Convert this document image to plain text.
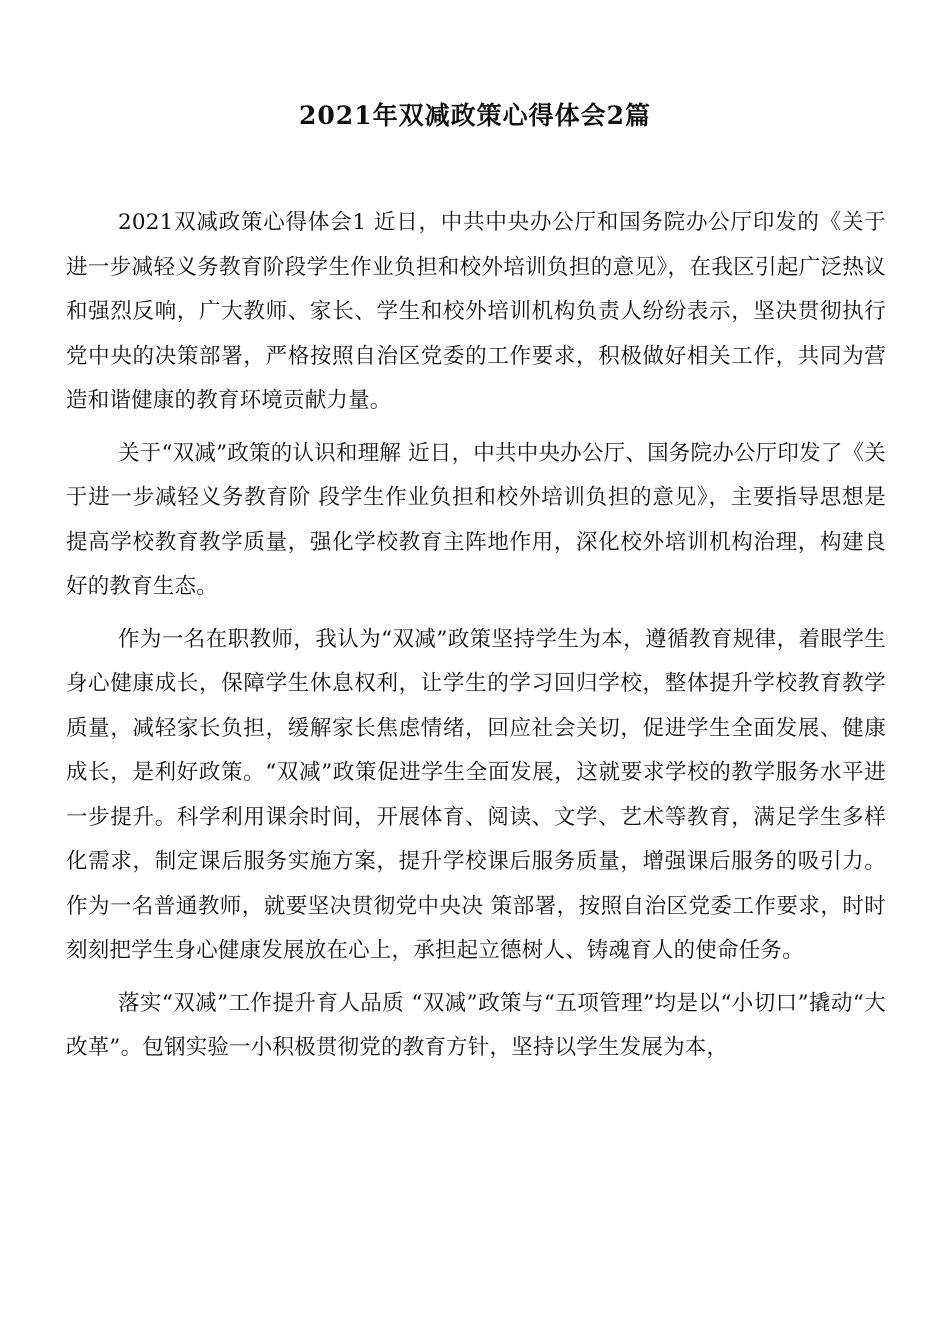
2021年双减政策心得体会2篇

2021双减政策心得体会1 近日，中共中央办公厅和国务院办公厅印发的《关于进一步减轻义务教育阶段学生作业负担和校外培训负担的意见》，在我区引起广泛热议和强烈反响，广大教师、家长、学生和校外培训机构负责人纷纷表示，坚决贯彻执行党中央的决策部署，严格按照自治区党委的工作要求，积极做好相关工作，共同为营造和谐健康的教育环境贡献力量。

关于“双减”政策的认识和理解 近日，中共中央办公厅、国务院办公厅印发了《关于进一步减轻义务教育阶 段学生作业负担和校外培训负担的意见》，主要指导思想是提高学校教育教学质量，强化学校教育主阵地作用，深化校外培训机构治理，构建良好的教育生态。

作为一名在职教师，我认为“双减”政策坚持学生为本，遵循教育规律，着眼学生身心健康成长，保障学生休息权利，让学生的学习回归学校，整体提升学校教育教学质量，减轻家长负担，缓解家长焦虑情绪，回应社会关切，促进学生全面发展、健康成长，是利好政策。“双减”政策促进学生全面发展，这就要求学校的教学服务水平进一步提升。科学利用课余时间，开展体育、阅读、文学、艺术等教育，满足学生多样化需求，制定课后服务实施方案，提升学校课后服务质量，增强课后服务的吸引力。作为一名普通教师，就要坚决贯彻党中央决 策部署，按照自治区党委工作要求，时时刻刻把学生身心健康发展放在心上，承担起立德树人、铸魂育人的使命任务。

落实“双减”工作提升育人品质 “双减”政策与“五项管理”均是以“小切口”撬动“大改革”。包钢实验一小积极贯彻党的教育方针，坚持以学生发展为本，
